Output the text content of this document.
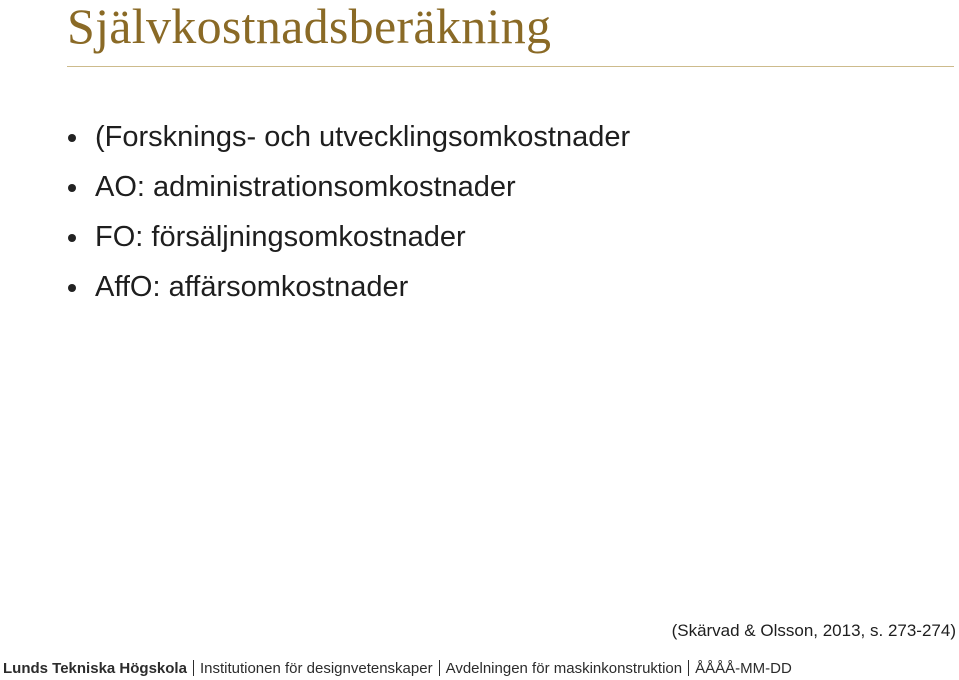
Självkostnadsberäkning
(Forsknings- och utvecklingsomkostnader
AO: administrationsomkostnader
FO: försäljningsomkostnader
AffO: affärsomkostnader
(Skärvad & Olsson, 2013, s. 273-274)
Lunds Tekniska Högskola Institutionen för designvetenskaper Avdelningen för maskinkonstruktion ÅÅÅÅ-MM-DD
